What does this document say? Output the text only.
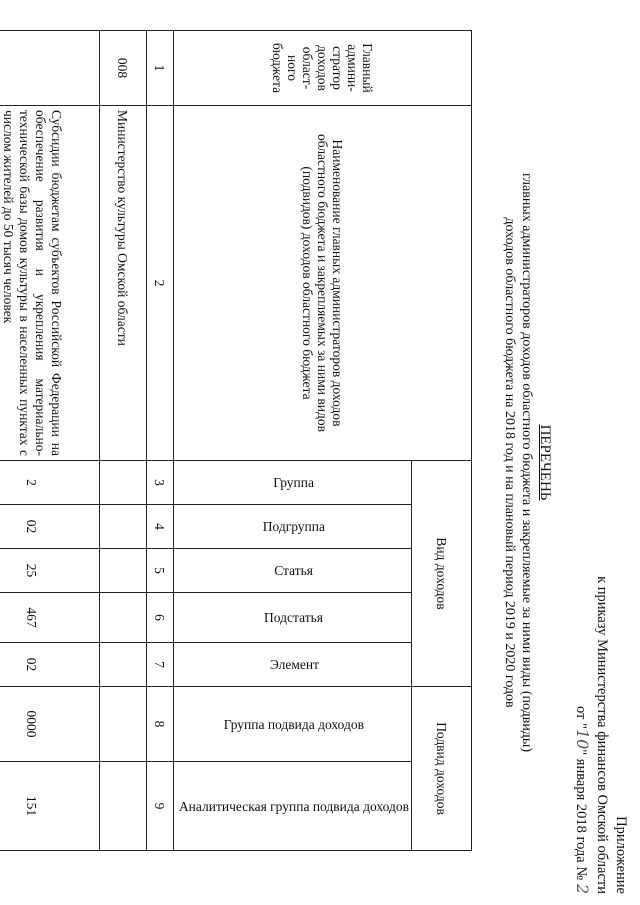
Приложение
к приказу Министерства финансов Омской области
от "10" января 2018 года № 2
ПЕРЕЧЕНЬ
главных администраторов доходов областного бюджета и закрепляемые за ними виды (подвиды)
доходов областного бюджета на 2018 год и на плановый период 2019 и 2020 годов
Главный админи-стратор доходов област-ного бюджета	Наименование главных администраторов доходов областного бюджета и закрепляемых за ними видов (подвидов) доходов областного бюджета	Вид доходов					Подвид доходов	
		Группа	Подгруппа	Статья	Подстатья	Элемент	Группа подвида доходов	Аналитическая группа подвида доходов
1	2	3	4	5	6	7	8	9
008	Министерство культуры Омской области							
	Субсидии бюджетам субъектов Российской Федерации на обеспечение развития и укрепления материально-технической базы домов культуры в населенных пунктах с числом жителей до 50 тысяч человек	2	02	25	467	02	0000	151
